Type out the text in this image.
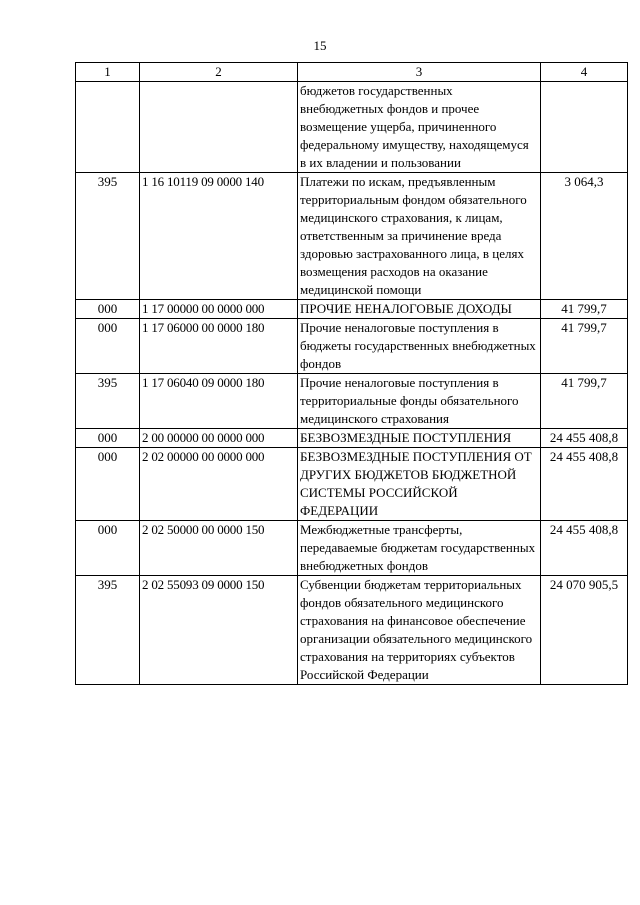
15
1	2	3	4
		бюджетов государственных внебюджетных фондов и прочее возмещение ущерба, причиненного федеральному имуществу, находящемуся в их владении и пользовании	
395	1 16 10119 09 0000 140	Платежи по искам, предъявленным территориальным фондом обязательного медицинского страхования, к лицам, ответственным за причинение вреда здоровью застрахованного лица, в целях возмещения расходов на оказание медицинской помощи	3 064,3
000	1 17 00000 00 0000 000	ПРОЧИЕ НЕНАЛОГОВЫЕ ДОХОДЫ	41 799,7
000	1 17 06000 00 0000 180	Прочие неналоговые поступления в бюджеты государственных внебюджетных фондов	41 799,7
395	1 17 06040 09 0000 180	Прочие неналоговые поступления в территориальные фонды обязательного медицинского страхования	41 799,7
000	2 00 00000 00 0000 000	БЕЗВОЗМЕЗДНЫЕ ПОСТУПЛЕНИЯ	24 455 408,8
000	2 02 00000 00 0000 000	БЕЗВОЗМЕЗДНЫЕ ПОСТУПЛЕНИЯ ОТ ДРУГИХ БЮДЖЕТОВ БЮДЖЕТНОЙ СИСТЕМЫ РОССИЙСКОЙ ФЕДЕРАЦИИ	24 455 408,8
000	2 02 50000 00 0000 150	Межбюджетные трансферты, передаваемые бюджетам государственных внебюджетных фондов	24 455 408,8
395	2 02 55093 09 0000 150	Субвенции бюджетам территориальных фондов обязательного медицинского страхования на финансовое обеспечение организации обязательного медицинского страхования на территориях субъектов Российской Федерации	24 070 905,5
